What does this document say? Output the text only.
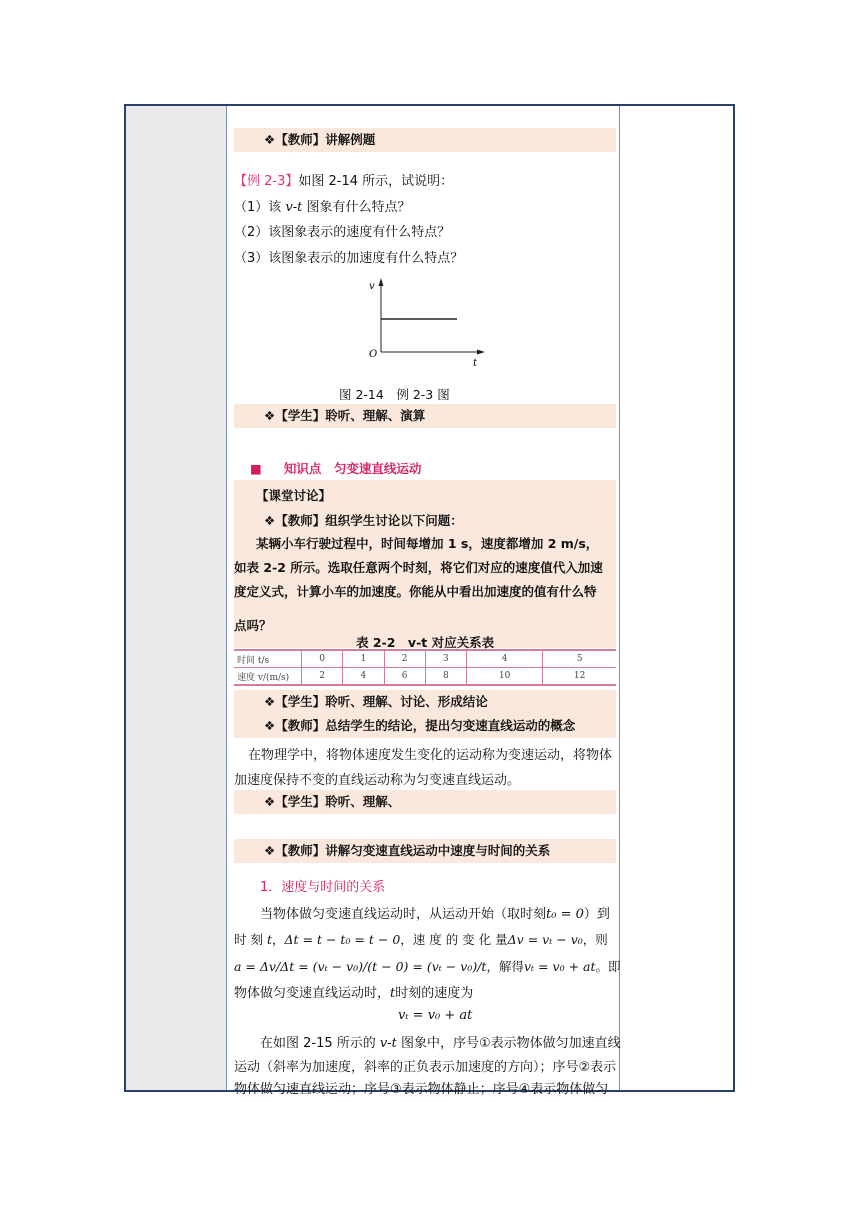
❖【教师】讲解例题
【例 2-3】如图 2-14 所示，试说明：
（1）该 v-t 图象有什么特点？
（2）该图象表示的速度有什么特点？
（3）该图象表示的加速度有什么特点？
v
O
t
图 2-14　例 2-3 图
❖【学生】聆听、理解、演算
■ 知识点　匀变速直线运动
【课堂讨论】
❖【教师】组织学生讨论以下问题：
某辆小车行驶过程中，时间每增加 1 s，速度都增加 2 m/s，
如表 2-2 所示。选取任意两个时刻，将它们对应的速度值代入加速
度定义式，计算小车的加速度。你能从中看出加速度的值有什么特
点吗？
表 2-2　v-t 对应关系表
时间 t/s	0	1	2	3	4	5
速度 v/(m/s)	2	4	6	8	10	12
❖【学生】聆听、理解、讨论、形成结论
❖【教师】总结学生的结论，提出匀变速直线运动的概念
在物理学中，将物体速度发生变化的运动称为变速运动，将物体
加速度保持不变的直线运动称为匀变速直线运动。
❖【学生】聆听、理解、
❖【教师】讲解匀变速直线运动中速度与时间的关系
1．速度与时间的关系
当物体做匀变速直线运动时，从运动开始（取时刻t₀ = 0）到
时 刻 t，Δt = t − t₀ = t − 0，速 度 的 变 化 量Δv = vₜ − v₀，则
a = Δv/Δt = (vₜ − v₀)/(t − 0) = (vₜ − v₀)/t，解得vₜ = v₀ + at。即
物体做匀变速直线运动时，t时刻的速度为
vₜ = v₀ + at
在如图 2-15 所示的 v-t 图象中，序号①表示物体做匀加速直线
运动（斜率为加速度，斜率的正负表示加速度的方向）；序号②表示
物体做匀速直线运动；序号③表示物体静止；序号④表示物体做匀
